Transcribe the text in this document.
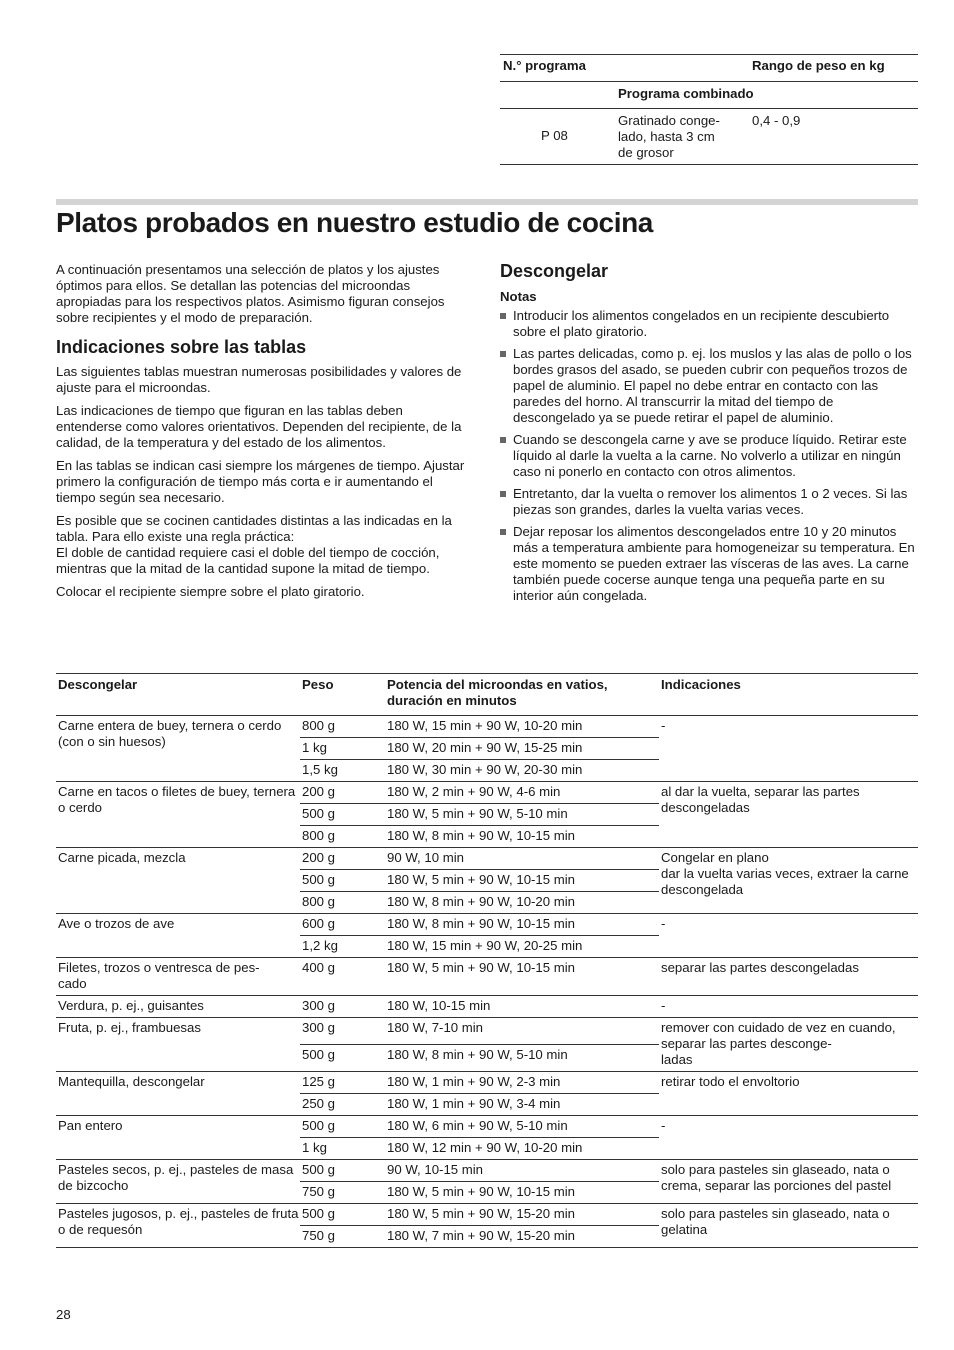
N.° programa		Rango de peso en kg
	Programa combinado	
P 08	Gratinado conge-
lado, hasta 3 cm
de grosor	0,4 - 0,9
Platos probados en nuestro estudio de cocina

A continuación presentamos una selección de platos y los ajustes óptimos para ellos. Se detallan las potencias del microondas apropiadas para los respectivos platos. Asimismo figuran consejos sobre recipientes y el modo de preparación.

Indicaciones sobre las tablas

Las siguientes tablas muestran numerosas posibilidades y valores de ajuste para el microondas.

Las indicaciones de tiempo que figuran en las tablas deben entenderse como valores orientativos. Dependen del recipiente, de la calidad, de la temperatura y del estado de los alimentos.

En las tablas se indican casi siempre los márgenes de tiempo. Ajustar primero la configuración de tiempo más corta e ir aumentando el tiempo según sea necesario.

Es posible que se cocinen cantidades distintas a las indicadas en la tabla. Para ello existe una regla práctica:
El doble de cantidad requiere casi el doble del tiempo de cocción,
mientras que la mitad de la cantidad supone la mitad de tiempo.

Colocar el recipiente siempre sobre el plato giratorio.

Descongelar
Notas
Introducir los alimentos congelados en un recipiente descubierto sobre el plato giratorio.
Las partes delicadas, como p. ej. los muslos y las alas de pollo o los bordes grasos del asado, se pueden cubrir con pequeños trozos de papel de aluminio. El papel no debe entrar en contacto con las paredes del horno. Al transcurrir la mitad del tiempo de descongelado ya se puede retirar el papel de aluminio.
Cuando se descongela carne y ave se produce líquido. Retirar este líquido al darle la vuelta a la carne. No volverlo a utilizar en ningún caso ni ponerlo en contacto con otros alimentos.
Entretanto, dar la vuelta o remover los alimentos 1 o 2 veces. Si las piezas son grandes, darles la vuelta varias veces.
Dejar reposar los alimentos descongelados entre 10 y 20 minutos más a temperatura ambiente para homogeneizar su temperatura. En este momento se pueden extraer las vísceras de las aves. La carne también puede cocerse aunque tenga una pequeña parte en su interior aún congelada.
Descongelar	Peso	Potencia del microondas en vatios, duración en minutos	Indicaciones
Carne entera de buey, ternera o cerdo (con o sin huesos)	800 g	180 W, 15 min + 90 W, 10-20 min	-
	1 kg	180 W, 20 min + 90 W, 15-25 min	
	1,5 kg	180 W, 30 min + 90 W, 20-30 min	
Carne en tacos o filetes de buey, ternera o cerdo	200 g	180 W, 2 min + 90 W, 4-6 min	al dar la vuelta, separar las partes descongeladas
	500 g	180 W, 5 min + 90 W, 5-10 min	
	800 g	180 W, 8 min + 90 W, 10-15 min	
Carne picada, mezcla	200 g	90 W, 10 min	Congelar en plano
dar la vuelta varias veces, extraer la carne descongelada
	500 g	180 W, 5 min + 90 W, 10-15 min	
	800 g	180 W, 8 min + 90 W, 10-20 min	
Ave o trozos de ave	600 g	180 W, 8 min + 90 W, 10-15 min	-
	1,2 kg	180 W, 15 min + 90 W, 20-25 min	
Filetes, trozos o ventresca de pes-
cado	400 g	180 W, 5 min + 90 W, 10-15 min	separar las partes descongeladas
Verdura, p. ej., guisantes	300 g	180 W, 10-15 min	-
Fruta, p. ej., frambuesas	300 g	180 W, 7-10 min	remover con cuidado de vez en cuando, separar las partes desconge-
ladas
	500 g	180 W, 8 min + 90 W, 5-10 min	
Mantequilla, descongelar	125 g	180 W, 1 min + 90 W, 2-3 min	retirar todo el envoltorio
	250 g	180 W, 1 min + 90 W, 3-4 min	
Pan entero	500 g	180 W, 6 min + 90 W, 5-10 min	-
	1 kg	180 W, 12 min + 90 W, 10-20 min	
Pasteles secos, p. ej., pasteles de masa de bizcocho	500 g	90 W, 10-15 min	solo para pasteles sin glaseado, nata o crema, separar las porciones del pastel
	750 g	180 W, 5 min + 90 W, 10-15 min	
Pasteles jugosos, p. ej., pasteles de fruta o de requesón	500 g	180 W, 5 min + 90 W, 15-20 min	solo para pasteles sin glaseado, nata o gelatina
	750 g	180 W, 7 min + 90 W, 15-20 min	
28
